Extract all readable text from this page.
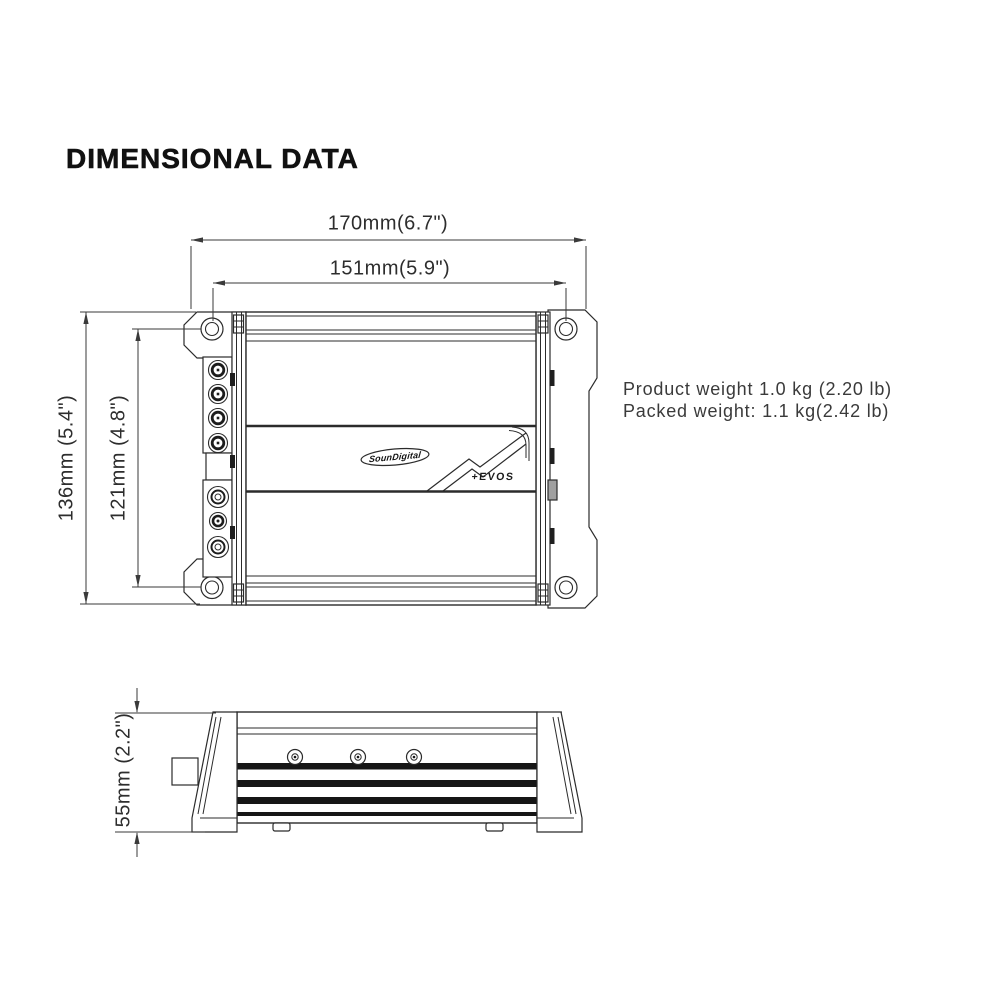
DIMENSIONAL DATA
170mm(6.7")
151mm(5.9")
136mm (5.4") 121mm (4.8")
55mm (2.2")
Product weight 1.0 kg (2.20 lb)
Packed weight: 1.1 kg(2.42 lb)
SounDigital
+EVOS
